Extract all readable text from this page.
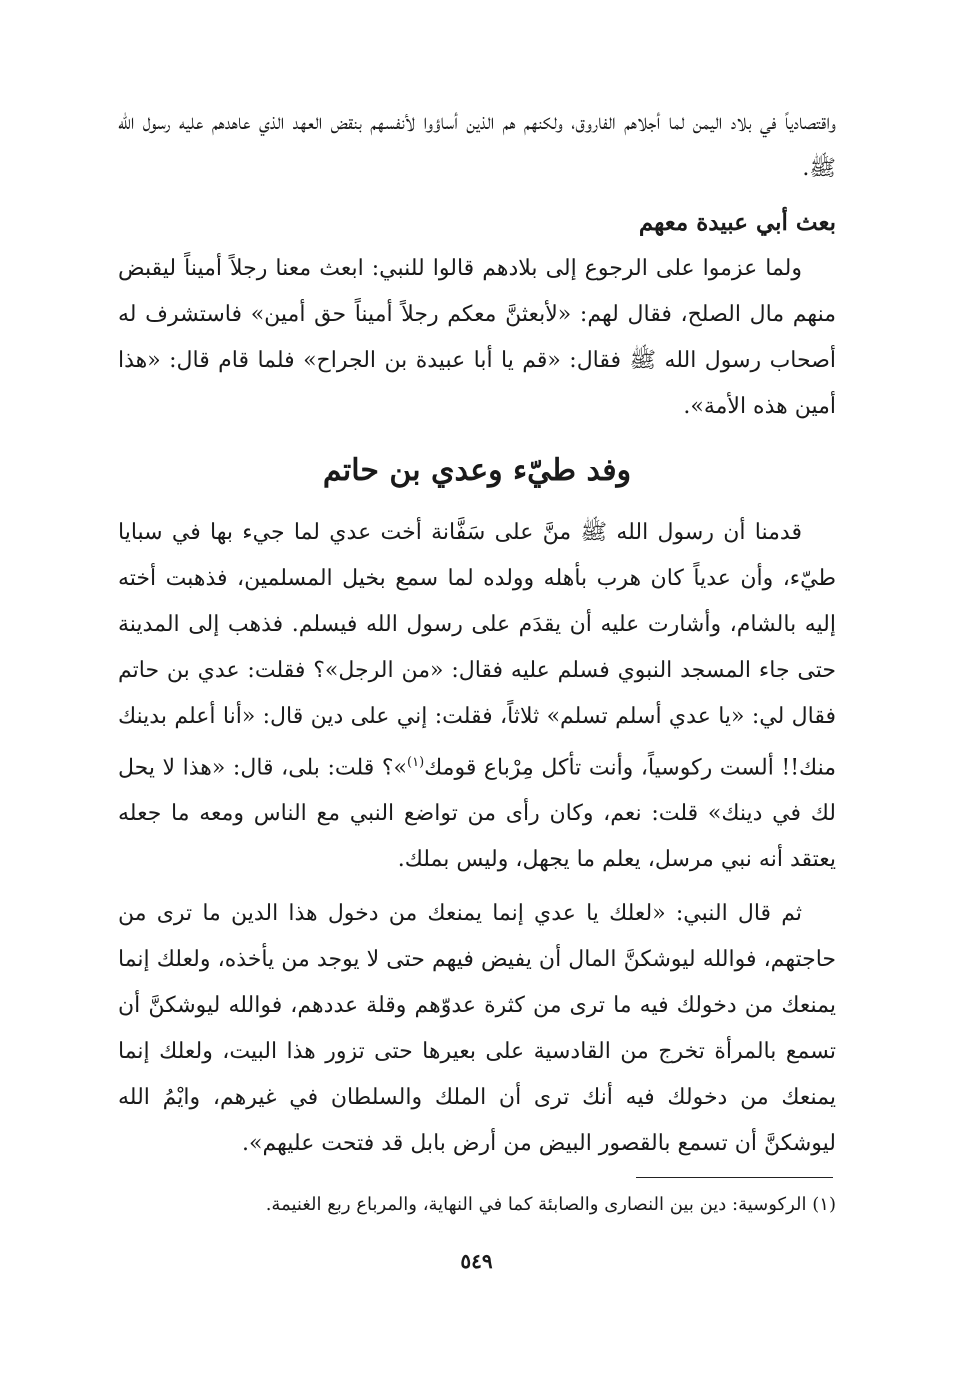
واقتصادياً في بلاد اليمن لما أجلاهم الفاروق، ولكنهم هم الذين أساؤوا لأنفسهم بنقض العهد الذي عاهدهم عليه رسول الله ﷺ.

بعث أبي عبيدة معهم

ولما عزموا على الرجوع إلى بلادهم قالوا للنبي: ابعث معنا رجلاً أميناً ليقبض منهم مال الصلح، فقال لهم: «لأبعثنَّ معكم رجلاً أميناً حق أمين» فاستشرف له أصحاب رسول الله ﷺ فقال: «قم يا أبا عبيدة بن الجراح» فلما قام قال: «هذا أمين هذه الأمة».

وفد طيّء وعدي بن حاتم

قدمنا أن رسول الله ﷺ منَّ على سَفَّانة أخت عدي لما جيء بها في سبايا طيّء، وأن عدياً كان هرب بأهله وولده لما سمع بخيل المسلمين، فذهبت أخته إليه بالشام، وأشارت عليه أن يقدَم على رسول الله فيسلم. فذهب إلى المدينة حتى جاء المسجد النبوي فسلم عليه فقال: «من الرجل»؟ فقلت: عدي بن حاتم فقال لي: «يا عدي أسلم تسلم» ثلاثاً، فقلت: إني على دين قال: «أنا أعلم بدينك منك!! ألست ركوسياً، وأنت تأكل مِرْباع قومك$^{(١)}$»؟ قلت: بلى، قال: «هذا لا يحل لك في دينك» قلت: نعم، وكان رأى من تواضع النبي مع الناس ومعه ما جعله يعتقد أنه نبي مرسل، يعلم ما يجهل، وليس بملك.

ثم قال النبي: «لعلك يا عدي إنما يمنعك من دخول هذا الدين ما ترى من حاجتهم، فوالله ليوشكنَّ المال أن يفيض فيهم حتى لا يوجد من يأخذه، ولعلك إنما يمنعك من دخولك فيه ما ترى من كثرة عدوّهم وقلة عددهم، فوالله ليوشكنَّ أن تسمع بالمرأة تخرج من القادسية على بعيرها حتى تزور هذا البيت، ولعلك إنما يمنعك من دخولك فيه أنك ترى أن الملك والسلطان في غيرهم، وايْمُ الله ليوشكنَّ أن تسمع بالقصور البيض من أرض بابل قد فتحت عليهم».

(١) الركوسية: دين بين النصارى والصابئة كما في النهاية، والمرباع ربع الغنيمة.

٥٤٩
